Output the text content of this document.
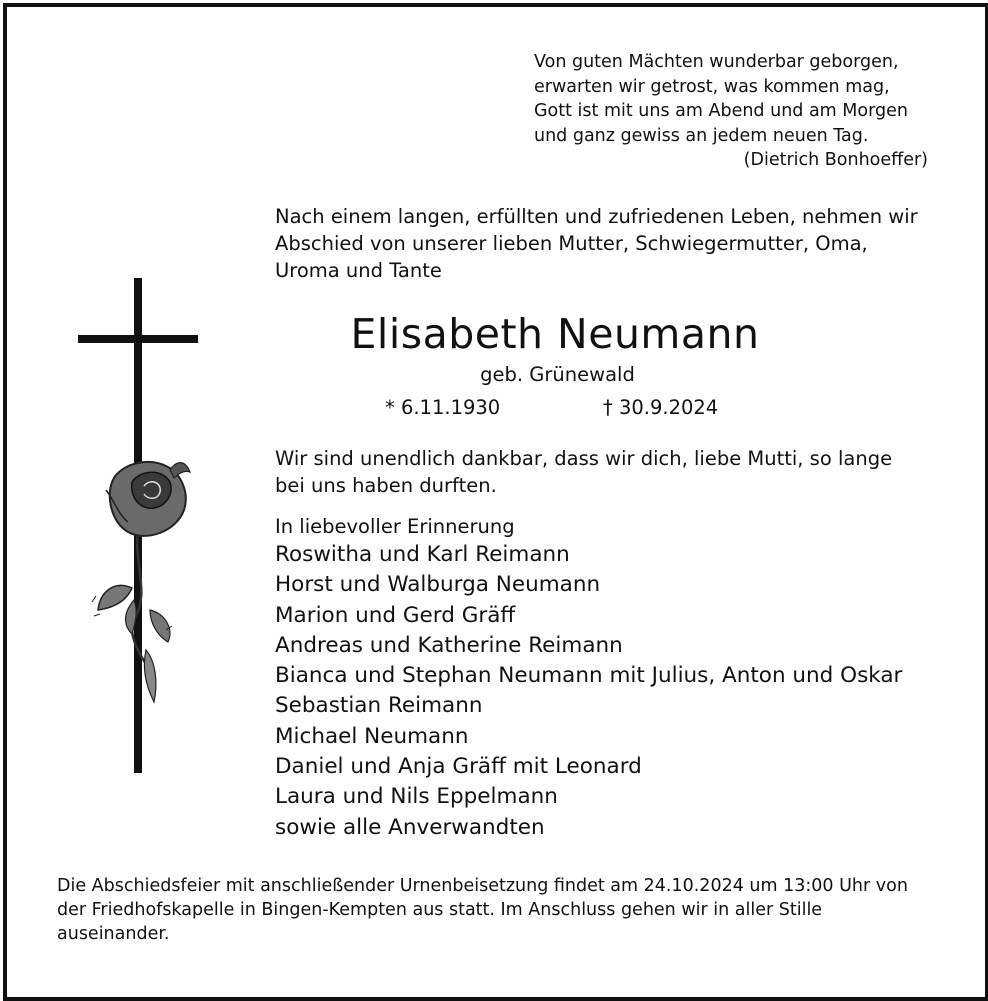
Von guten Mächten wunderbar geborgen,
erwarten wir getrost, was kommen mag,
Gott ist mit uns am Abend und am Morgen
und ganz gewiss an jedem neuen Tag.
(Dietrich Bonhoeffer)
Nach einem langen, erfüllten und zufriedenen Leben, nehmen wir
Abschied von unserer lieben Mutter, Schwiegermutter, Oma,
Uroma und Tante
Elisabeth Neumann
geb. Grünewald
* 6.11.1930	† 30.9.2024
Wir sind unendlich dankbar, dass wir dich, liebe Mutti, so lange
bei uns haben durften.
In liebevoller Erinnerung
Roswitha und Karl Reimann
Horst und Walburga Neumann
Marion und Gerd Gräff
Andreas und Katherine Reimann
Bianca und Stephan Neumann mit Julius, Anton und Oskar
Sebastian Reimann
Michael Neumann
Daniel und Anja Gräff mit Leonard
Laura und Nils Eppelmann
sowie alle Anverwandten
Die Abschiedsfeier mit anschließender Urnenbeisetzung findet am 24.10.2024 um 13:00 Uhr von
der Friedhofskapelle in Bingen-Kempten aus statt. Im Anschluss gehen wir in aller Stille
auseinander.
